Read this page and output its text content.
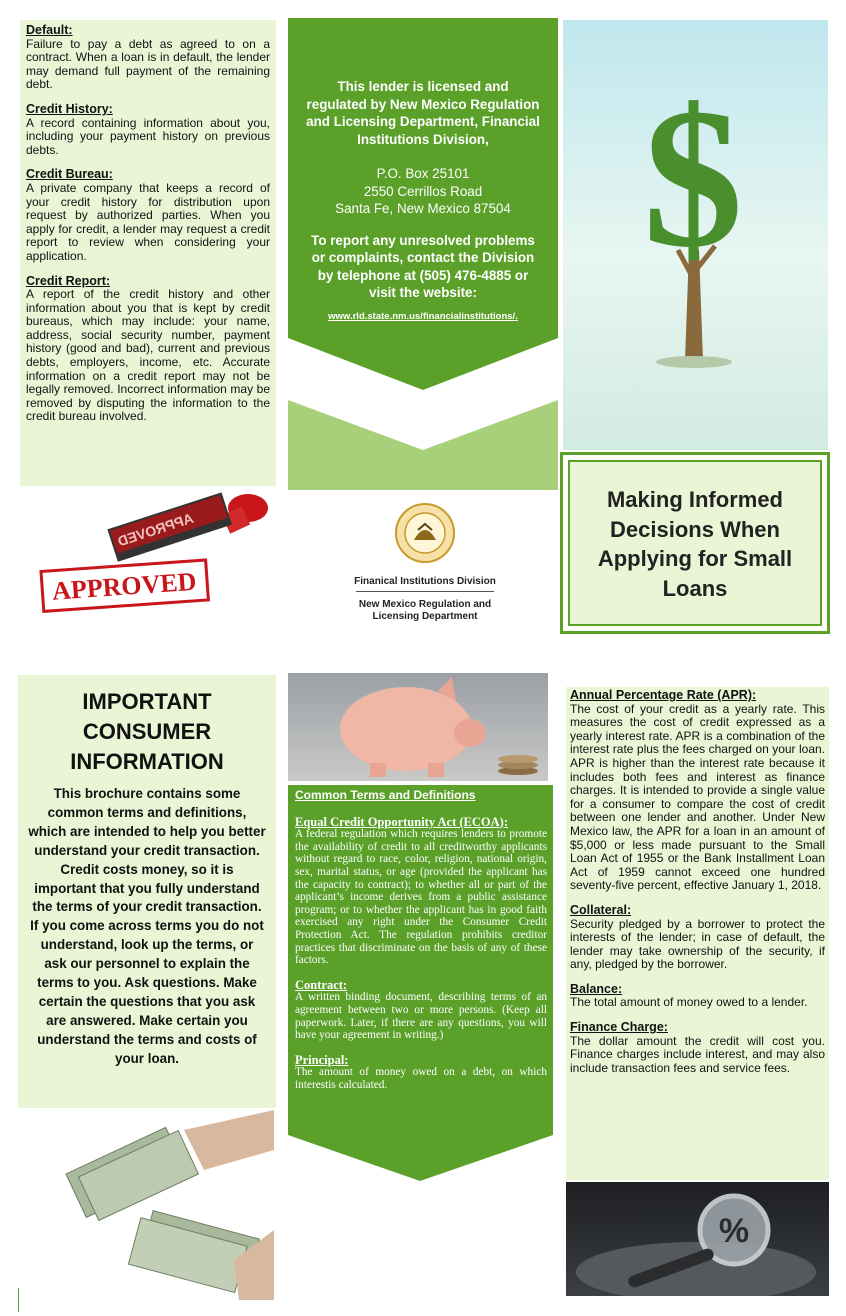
Default:
Failure to pay a debt as agreed to on a contract. When a loan is in default, the lender may demand full payment of the remaining debt.

Credit History:
A record containing information about you, including your payment history on previous debts.

Credit Bureau:
A private company that keeps a record of your credit history for distribution upon request by authorized parties. When you apply for credit, a lender may request a credit report to review when considering your application.

Credit Report:
A report of the credit history and other information about you that is kept by credit bureaus, which may include: your name, address, social security number, payment history (good and bad), current and previous debts, employers, income, etc. Accurate information on a credit report may not be legally removed. Incorrect information may be removed by disputing the information to the credit bureau involved.

APPROVED
APPROVED
This lender is licensed and regulated by New Mexico Regulation and Licensing Department, Financial Institutions Division,
P.O. Box 25101
2550 Cerrillos Road
Santa Fe, New Mexico 87504
To report any unresolved problems or complaints, contact the Division by telephone at (505) 476-4885 or visit the website:
www.rld.state.nm.us/financialinstitutions/.
Finanical Institutions Division
New Mexico Regulation and Licensing Department
$
Making Informed Decisions When Applying for Small Loans
IMPORTANT CONSUMER INFORMATION
This brochure contains some common terms and definitions, which are intended to help you better understand your credit transaction. Credit costs money, so it is important that you fully understand the terms of your credit transaction. If you come across terms you do not understand, look up the terms, or ask our personnel to explain the terms to you. Ask questions. Make certain the questions that you ask are answered. Make certain you understand the terms and costs of your loan.
Common Terms and Definitions
Equal Credit Opportunity Act (ECOA):
A federal regulation which requires lenders to promote the availability of credit to all creditworthy applicants without regard to race, color, religion, national origin, sex, marital status, or age (provided the applicant has the capacity to contract); to whether all or part of the applicant’s income derives from a public assistance program; or to whether the applicant has in good faith exercised any right under the Consumer Credit Protection Act. The regulation prohibits creditor practices that discriminate on the basis of any of these factors.
Contract:
A written binding document, describing terms of an agreement between two or more persons. (Keep all paperwork. Later, if there are any questions, you will have your agreement in writing.)
Principal:
The amount of money owed on a debt, on which interestis calculated.

Annual Percentage Rate (APR):
The cost of your credit as a yearly rate. This measures the cost of credit expressed as a yearly interest rate. APR is a combination of the interest rate plus the fees charged on your loan. APR is higher than the interest rate because it includes both fees and interest as finance charges. It is intended to provide a single value for a consumer to compare the cost of credit between one lender and another. Under New Mexico law, the APR for a loan in an amount of $5,000 or less made pursuant to the Small Loan Act of 1955 or the Bank Installment Loan Act of 1959 cannot exceed one hundred seventy-five percent, effective January 1, 2018.

Collateral:
Security pledged by a borrower to protect the interests of the lender; in case of default, the lender may take ownership of the security, if any, pledged by the borrower.

Balance:
The total amount of money owed to a lender.

Finance Charge:
The dollar amount the credit will cost you. Finance charges include interest, and may also include transaction fees and service fees.

%
